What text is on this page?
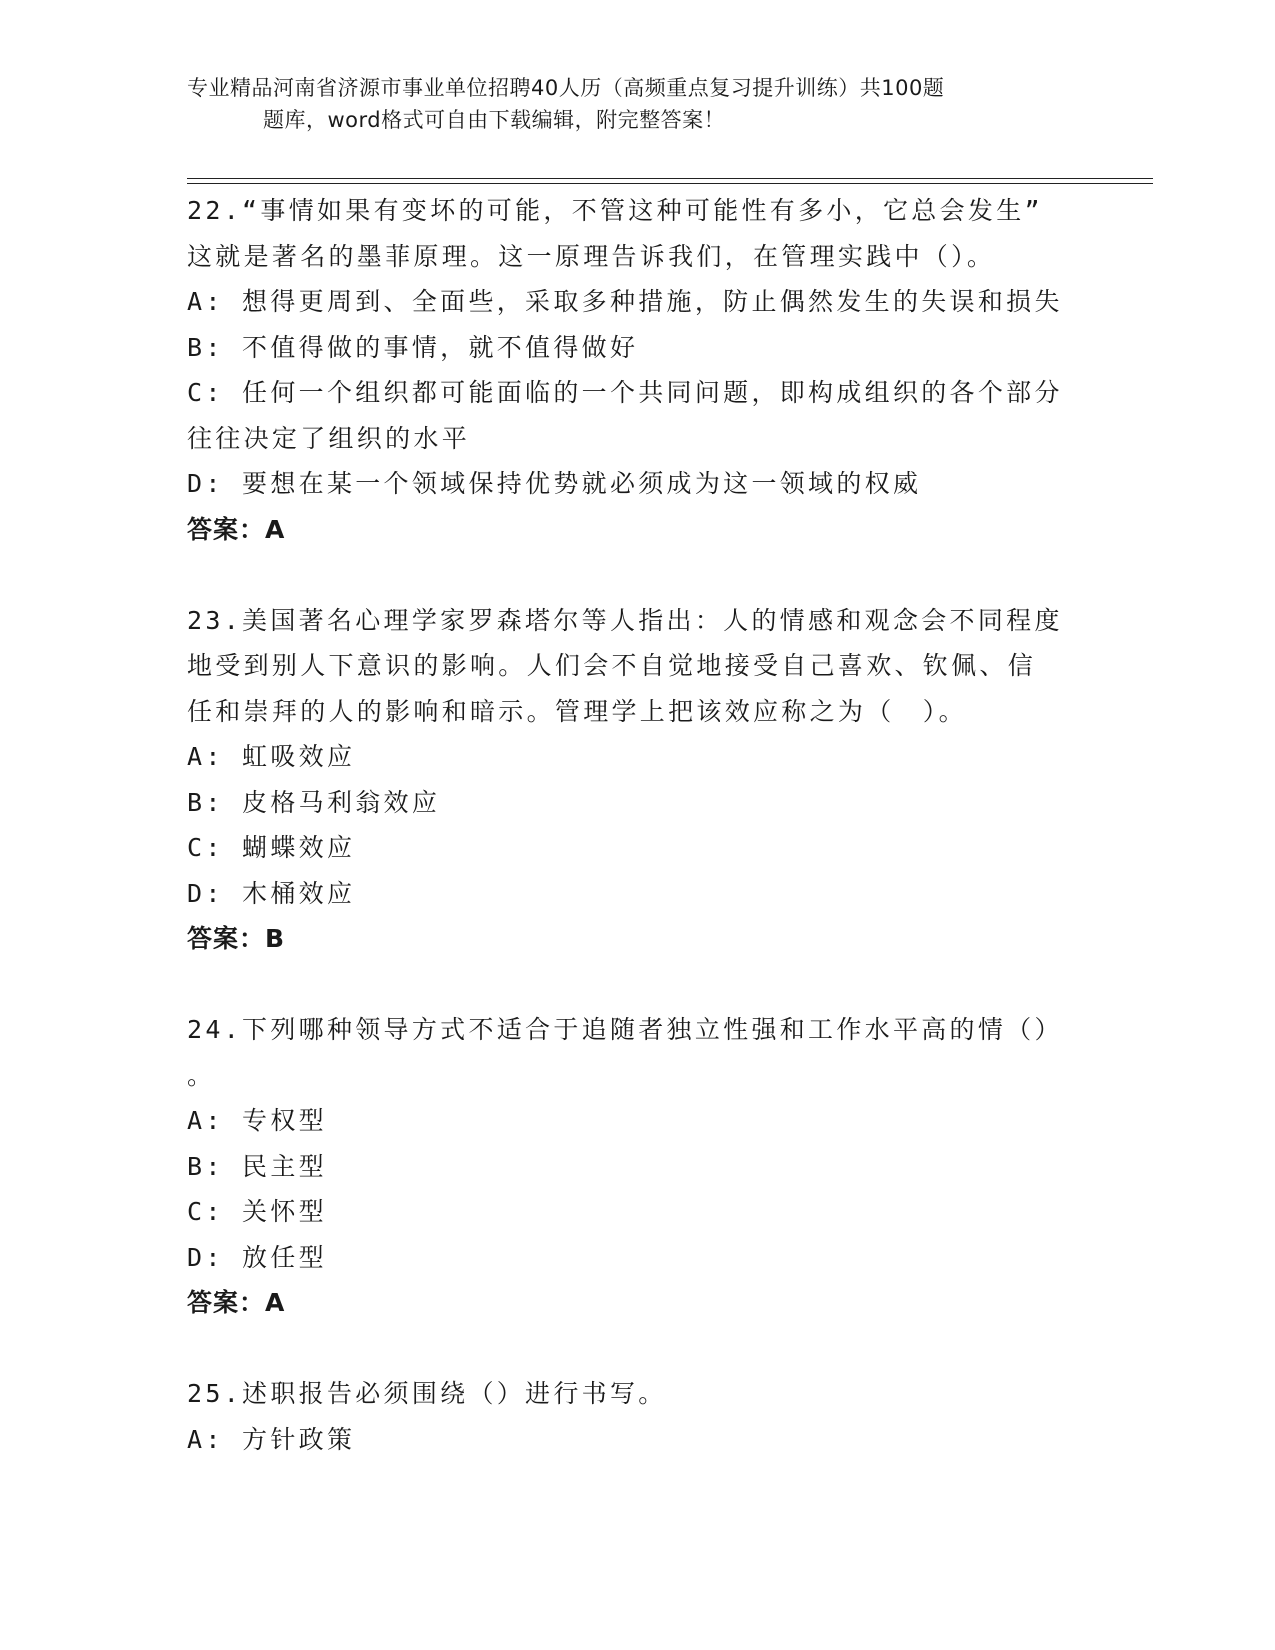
专业精品河南省济源市事业单位招聘40人历（高频重点复习提升训练）共100题
题库，word格式可自由下载编辑，附完整答案！
22.“事情如果有变坏的可能，不管这种可能性有多小，它总会发生”
这就是著名的墨菲原理。这一原理告诉我们，在管理实践中（）。
A: 想得更周到、全面些，采取多种措施，防止偶然发生的失误和损失
B: 不值得做的事情，就不值得做好
C: 任何一个组织都可能面临的一个共同问题，即构成组织的各个部分
往往决定了组织的水平
D: 要想在某一个领域保持优势就必须成为这一领域的权威
答案：A
23.美国著名心理学家罗森塔尔等人指出：人的情感和观念会不同程度
地受到别人下意识的影响。人们会不自觉地接受自己喜欢、钦佩、信
任和崇拜的人的影响和暗示。管理学上把该效应称之为（　）。
A: 虹吸效应
B: 皮格马利翁效应
C: 蝴蝶效应
D: 木桶效应
答案：B
24.下列哪种领导方式不适合于追随者独立性强和工作水平高的情（）
。
A: 专权型
B: 民主型
C: 关怀型
D: 放任型
答案：A
25.述职报告必须围绕（）进行书写。
A: 方针政策
